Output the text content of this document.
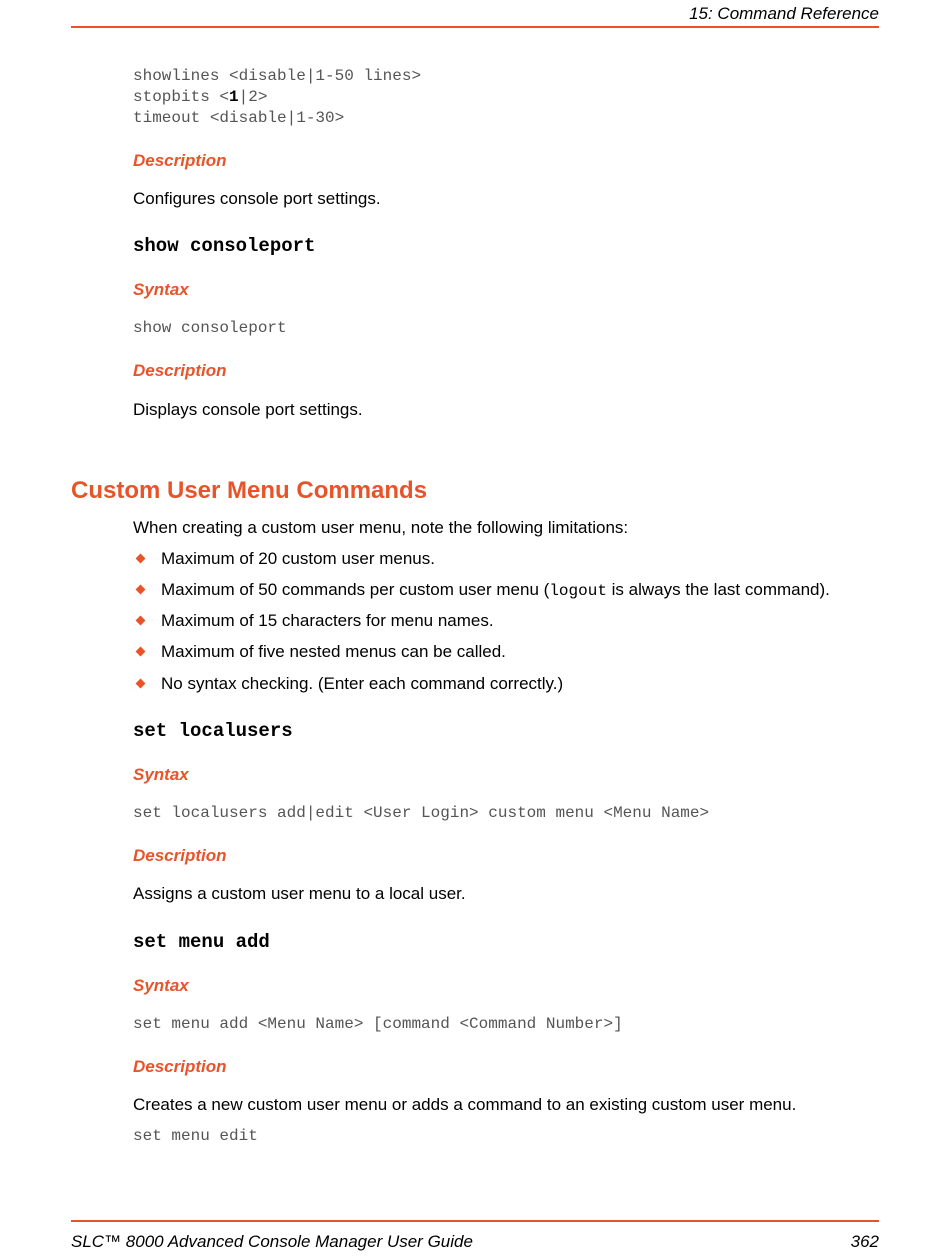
15: Command Reference
showlines <disable|1-50 lines>
stopbits <1|2>
timeout <disable|1-30>
Description
Configures console port settings.
show consoleport
Syntax
show consoleport
Description
Displays console port settings.
Custom User Menu Commands
When creating a custom user menu, note the following limitations:
Maximum of 20 custom user menus.
Maximum of 50 commands per custom user menu (logout is always the last command).
Maximum of 15 characters for menu names.
Maximum of five nested menus can be called.
No syntax checking. (Enter each command correctly.)
set localusers
Syntax
set localusers add|edit <User Login> custom menu <Menu Name>
Description
Assigns a custom user menu to a local user.
set menu add
Syntax
set menu add <Menu Name> [command <Command Number>]
Description
Creates a new custom user menu or adds a command to an existing custom user menu.
set menu edit
SLC™ 8000 Advanced Console Manager User Guide	362
